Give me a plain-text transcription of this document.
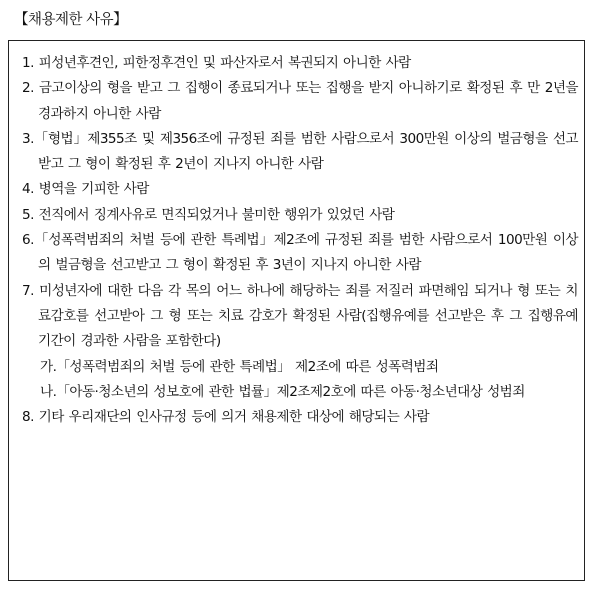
【채용제한 사유】
1. 피성년후견인, 피한정후견인 및 파산자로서 복권되지 아니한 사람
2. 금고이상의 형을 받고 그 집행이 종료되거나 또는 집행을 받지 아니하기로 확정된 후 만 2년을 경과하지 아니한 사람
3.「형법」제355조 및 제356조에 규정된 죄를 범한 사람으로서 300만원 이상의 벌금형을 선고받고 그 형이 확정된 후 2년이 지나지 아니한 사람
4. 병역을 기피한 사람
5. 전직에서 징계사유로 면직되었거나 불미한 행위가 있었던 사람
6.「성폭력범죄의 처벌 등에 관한 특례법」제2조에 규정된 죄를 범한 사람으로서 100만원 이상의 벌금형을 선고받고 그 형이 확정된 후 3년이 지나지 아니한 사람
7. 미성년자에 대한 다음 각 목의 어느 하나에 해당하는 죄를 저질러 파면해임 되거나 형 또는 치료감호를 선고받아 그 형 또는 치료 감호가 확정된 사람(집행유예를 선고받은 후 그 집행유예 기간이 경과한 사람을 포함한다)
가.「성폭력범죄의 처벌 등에 관한 특례법」 제2조에 따른 성폭력범죄
나.「아동·청소년의 성보호에 관한 법률」제2조제2호에 따른 아동·청소년대상 성범죄
8. 기타 우리재단의 인사규정 등에 의거 채용제한 대상에 해당되는 사람
